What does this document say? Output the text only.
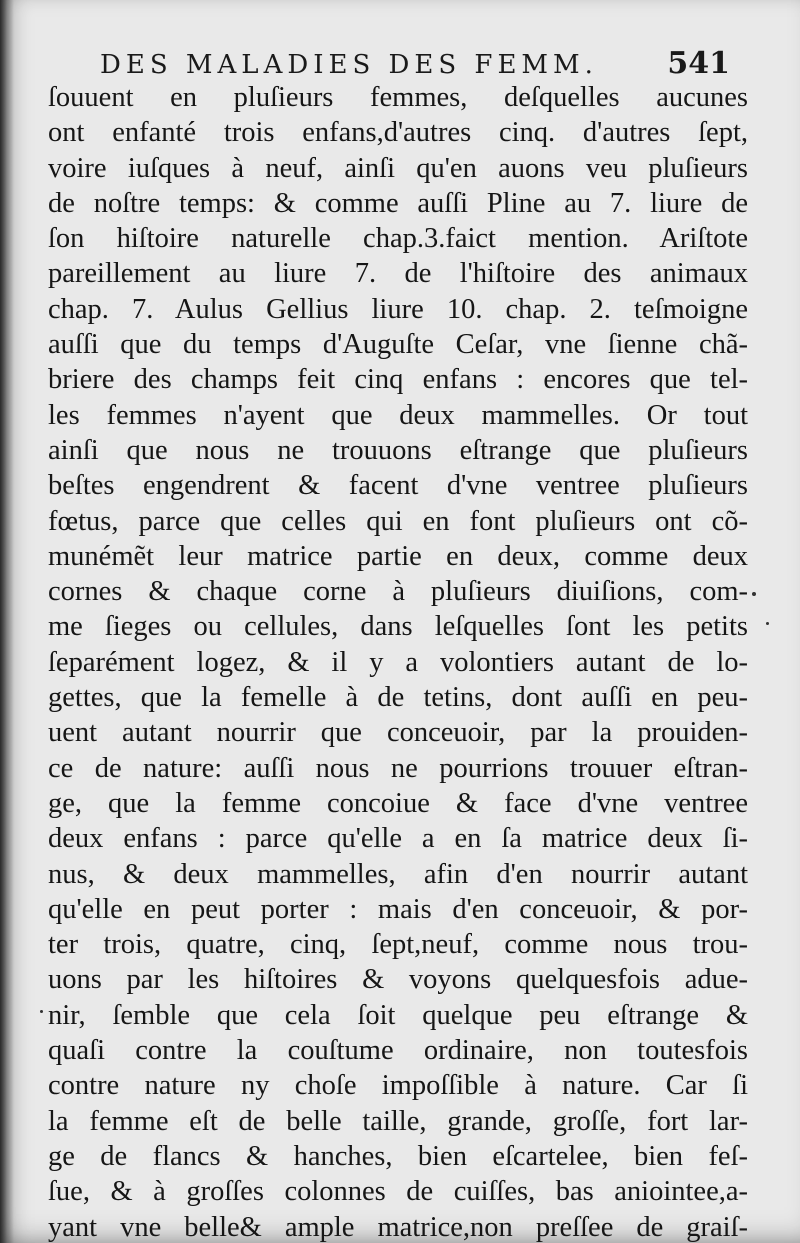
DES MALADIES DES FEMM. 541
ſouuent en pluſieurs femmes, deſquelles aucunes
ont enfanté trois enfans,d'autres cinq. d'autres ſept,
voire iuſques à neuf, ainſi qu'en auons veu pluſieurs
de noſtre temps: & comme auſſi Pline au 7. liure de
ſon hiſtoire naturelle chap.3.faict mention. Ariſtote
pareillement au liure 7. de l'hiſtoire des animaux
chap. 7. Aulus Gellius liure 10. chap. 2. teſmoigne
auſſi que du temps d'Auguſte Ceſar, vne ſienne chã-
briere des champs feit cinq enfans : encores que tel-
les femmes n'ayent que deux mammelles. Or tout
ainſi que nous ne trouuons eſtrange que pluſieurs
beſtes engendrent & facent d'vne ventree pluſieurs
fœtus, parce que celles qui en font pluſieurs ont cõ-
munémẽt leur matrice partie en deux, comme deux
cornes & chaque corne à pluſieurs diuiſions, com-
me ſieges ou cellules, dans leſquelles ſont les petits
ſeparément logez, & il y a volontiers autant de lo-
gettes, que la femelle à de tetins, dont auſſi en peu-
uent autant nourrir que conceuoir, par la prouiden-
ce de nature: auſſi nous ne pourrions trouuer eſtran-
ge, que la femme concoiue & face d'vne ventree
deux enfans : parce qu'elle a en ſa matrice deux ſi-
nus, & deux mammelles, afin d'en nourrir autant
qu'elle en peut porter : mais d'en conceuoir, & por-
ter trois, quatre, cinq, ſept,neuf, comme nous trou-
uons par les hiſtoires & voyons quelquesfois adue-
nir, ſemble que cela ſoit quelque peu eſtrange &
quaſi contre la couſtume ordinaire, non toutesfois
contre nature ny choſe impoſſible à nature. Car ſi
la femme eſt de belle taille, grande, groſſe, fort lar-
ge de flancs & hanches, bien eſcartelee, bien feſ-
ſue, & à groſſes colonnes de cuiſſes, bas aniointee,a-
yant vne belle& ample matrice,non preſſee de graiſ-
